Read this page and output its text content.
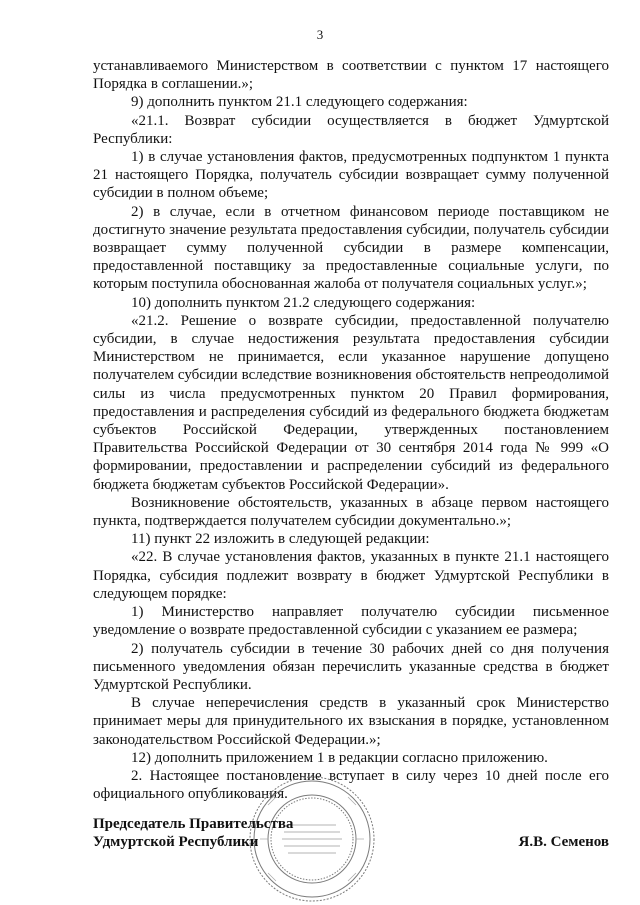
3

устанавливаемого Министерством в соответствии с пунктом 17 настоящего Порядка в соглашении.»;

9) дополнить пунктом 21.1 следующего содержания:

«21.1. Возврат субсидии осуществляется в бюджет Удмуртской Республики:

1) в случае установления фактов, предусмотренных подпунктом 1 пункта 21 настоящего Порядка, получатель субсидии возвращает сумму полученной субсидии в полном объеме;

2) в случае, если в отчетном финансовом периоде поставщиком не достигнуто значение результата предоставления субсидии, получатель субсидии возвращает сумму полученной субсидии в размере компенсации, предоставленной поставщику за предоставленные социальные услуги, по которым поступила обоснованная жалоба от получателя социальных услуг.»;

10) дополнить пунктом 21.2 следующего содержания:

«21.2. Решение о возврате субсидии, предоставленной получателю субсидии, в случае недостижения результата предоставления субсидии Министерством не принимается, если указанное нарушение допущено получателем субсидии вследствие возникновения обстоятельств непреодолимой силы из числа предусмотренных пунктом 20 Правил формирования, предоставления и распределения субсидий из федерального бюджета бюджетам субъектов Российской Федерации, утвержденных постановлением Правительства Российской Федерации от 30 сентября 2014 года № 999 «О формировании, предоставлении и распределении субсидий из федерального бюджета бюджетам субъектов Российской Федерации».

Возникновение обстоятельств, указанных в абзаце первом настоящего пункта, подтверждается получателем субсидии документально.»;

11) пункт 22 изложить в следующей редакции:

«22. В случае установления фактов, указанных в пункте 21.1 настоящего Порядка, субсидия подлежит возврату в бюджет Удмуртской Республики в следующем порядке:

1) Министерство направляет получателю субсидии письменное уведомление о возврате предоставленной субсидии с указанием ее размера;

2) получатель субсидии в течение 30 рабочих дней со дня получения письменного уведомления обязан перечислить указанные средства в бюджет Удмуртской Республики.

В случае неперечисления средств в указанный срок Министерство принимает меры для принудительного их взыскания в порядке, установленном законодательством Российской Федерации.»;

12) дополнить приложением 1 в редакции согласно приложению.

2. Настоящее постановление вступает в силу через 10 дней после его официального опубликования.

Председатель Правительства
Удмуртской Республики	Я.В. Семенов
